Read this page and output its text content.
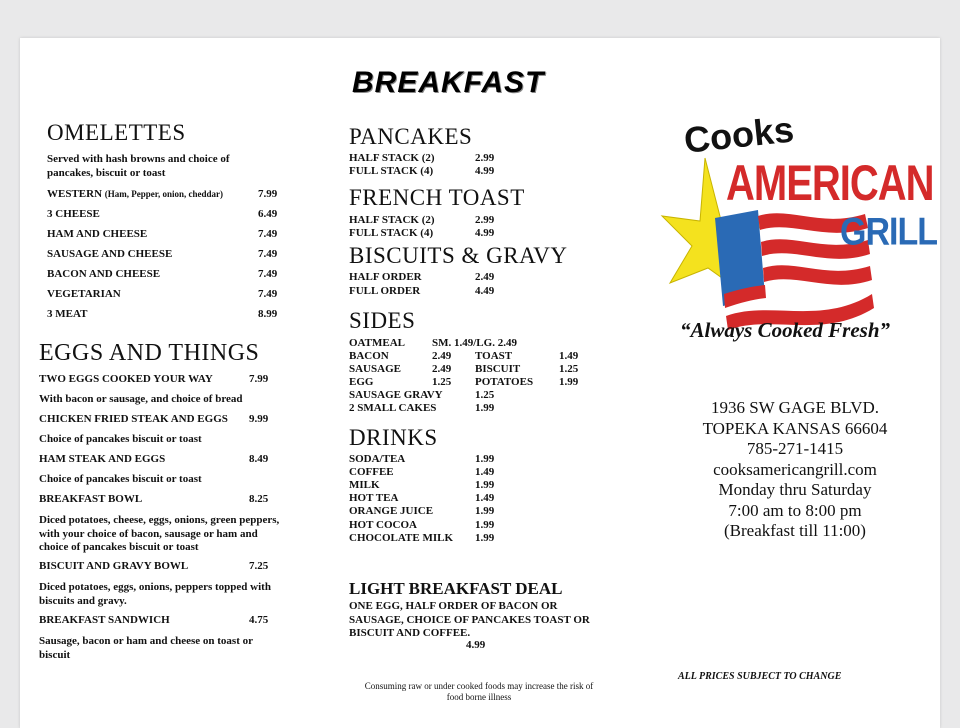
BREAKFAST
OMELETTES
Served with hash browns and choice of pancakes, biscuit or toast
WESTERN (Ham, Pepper, onion, cheddar)	7.99
3 CHEESE	6.49
HAM AND CHEESE	7.49
SAUSAGE AND CHEESE	7.49
BACON AND CHEESE	7.49
VEGETARIAN	7.49
3 MEAT	8.99
EGGS AND THINGS
TWO EGGS COOKED YOUR WAY	7.99
With bacon or sausage, and choice of bread
CHICKEN FRIED STEAK AND EGGS 9.99
Choice of pancakes biscuit or toast
HAM STEAK AND EGGS	8.49
Choice of pancakes biscuit or toast
BREAKFAST BOWL	8.25
Diced potatoes, cheese, eggs, onions, green peppers, with your choice of bacon, sausage or ham and choice of pancakes biscuit or toast
BISCUIT AND GRAVY BOWL	7.25
Diced potatoes, eggs, onions, peppers topped with biscuits and gravy.
BREAKFAST SANDWICH	4.75
Sausage, bacon or ham and cheese on toast or biscuit
PANCAKES
HALF STACK (2)	2.99
FULL STACK (4)	4.99
FRENCH TOAST
HALF STACK (2)	2.99
FULL STACK (4)	4.99
BISCUITS & GRAVY
HALF ORDER	2.49
FULL ORDER	4.49
SIDES
OATMEAL SM. 1.49/LG. 2.49
BACON	2.49 TOAST	1.49
SAUSAGE	2.49 BISCUIT	1.25
EGG	1.25 POTATOES 1.99
SAUSAGE GRAVY	1.25
2 SMALL CAKES	1.99
DRINKS
SODA/TEA	1.99
COFFEE	1.49
MILK	1.99
HOT TEA	1.49
ORANGE JUICE	1.99
HOT COCOA	1.99
CHOCOLATE MILK 1.99
LIGHT BREAKFAST DEAL
ONE EGG, HALF ORDER OF BACON OR SAUSAGE, CHOICE OF PANCAKES TOAST OR BISCUIT AND COFFEE.
4.99
Consuming raw or under cooked foods may increase the risk of food borne illness
Cooks
AMERICAN
GRILL
“Always Cooked Fresh”
1936 SW GAGE BLVD.
TOPEKA KANSAS 66604
785-271-1415
cooksamericangrill.com
Monday thru Saturday
7:00 am to 8:00 pm
(Breakfast till 11:00)
ALL PRICES SUBJECT TO CHANGE
